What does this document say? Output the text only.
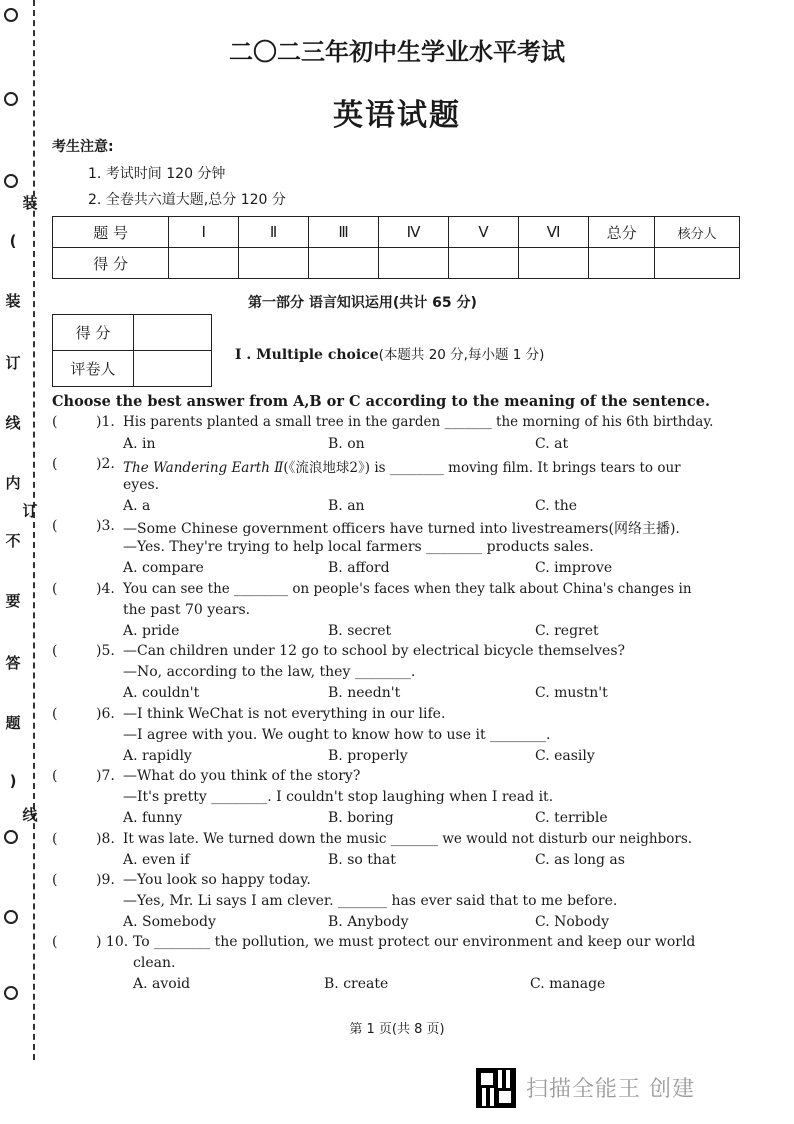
装
(
装
订
线
内
不
要
答
题
)
订
线
二〇二三年初中生学业水平考试
英语试题
考生注意:
1. 考试时间 120 分钟
2. 全卷共六道大题,总分 120 分
题 号	I	Ⅱ	Ⅲ	Ⅳ	V	Ⅵ	总分	核分人
得 分								
第一部分 语言知识运用(共计 65 分)
得 分	
评卷人	
I . Multiple choice(本题共 20 分,每小题 1 分)
Choose the best answer from A,B or C according to the meaning of the sentence.
(	)1. His parents planted a small tree in the garden _______ the morning of his 6th birthday.
A. in	B. on	C. at
(	)2. The Wandering Earth Ⅱ(《流浪地球2》) is ________ moving film. It brings tears to our
eyes.
A. a	B. an	C. the
(	)3. —Some Chinese government officers have turned into livestreamers(网络主播).
—Yes. They're trying to help local farmers ________ products sales.
A. compare	B. afford	C. improve
(	)4. You can see the ________ on people's faces when they talk about China's changes in
the past 70 years.
A. pride	B. secret	C. regret
(	)5. —Can children under 12 go to school by electrical bicycle themselves?
—No, according to the law, they ________.
A. couldn't	B. needn't	C. mustn't
(	)6. —I think WeChat is not everything in our life.
—I agree with you. We ought to know how to use it ________.
A. rapidly	B. properly	C. easily
(	)7. —What do you think of the story?
—It's pretty ________. I couldn't stop laughing when I read it.
A. funny	B. boring	C. terrible
(	)8. It was late. We turned down the music _______ we would not disturb our neighbors.
A. even if	B. so that	C. as long as
(	)9. —You look so happy today.
—Yes, Mr. Li says I am clever. _______ has ever said that to me before.
A. Somebody	B. Anybody	C. Nobody
(	) 10. To ________ the pollution, we must protect our environment and keep our world
clean.
A. avoid	B. create	C. manage
第 1 页(共 8 页)
扫描全能王 创建
